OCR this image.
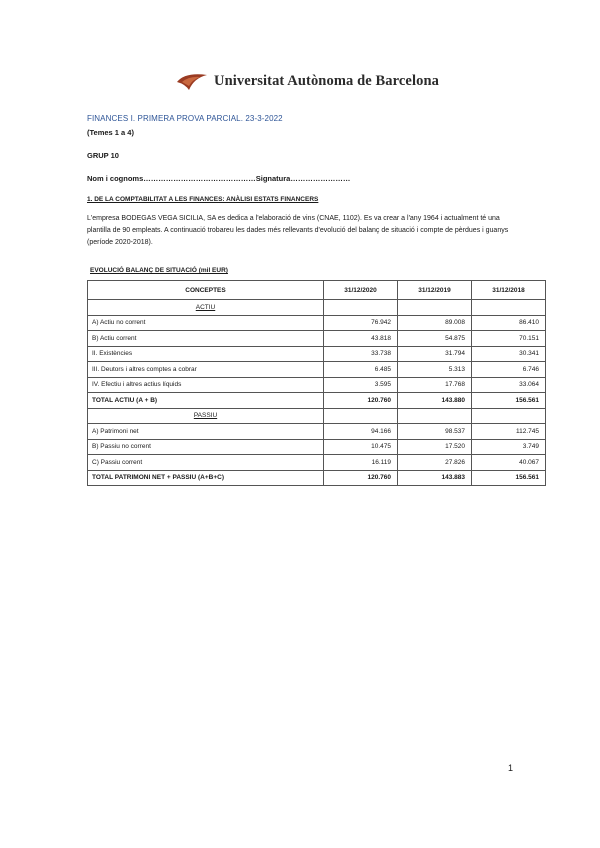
Universitat Autònoma de Barcelona
FINANCES I. PRIMERA PROVA PARCIAL. 23-3-2022
(Temes 1 a 4)
GRUP 10
Nom i cognoms………………………………………Signatura……………………
1. DE LA COMPTABILITAT A LES FINANCES: ANÀLISI ESTATS FINANCERS
L'empresa BODEGAS VEGA SICILIA, SA es dedica a l'elaboració de vins (CNAE, 1102). Es va crear a l'any 1964 i actualment té una plantilla de 90 empleats. A continuació trobareu les dades més rellevants d'evolució del balanç de situació i compte de pèrdues i guanys (període 2020-2018).
EVOLUCIÓ BALANÇ DE SITUACIÓ (mil EUR)
CONCEPTES	31/12/2020	31/12/2019	31/12/2018
ACTIU			
A) Actiu no corrent	76.942	89.008	86.410
B) Actiu corrent	43.818	54.875	70.151
II. Existències	33.738	31.794	30.341
III. Deutors i altres comptes a cobrar	6.485	5.313	6.746
IV. Efectiu i altres actius líquids	3.595	17.768	33.064
TOTAL ACTIU (A + B)	120.760	143.880	156.561
PASSIU			
A) Patrimoni net	94.166	98.537	112.745
B) Passiu no corrent	10.475	17.520	3.749
C) Passiu corrent	16.119	27.826	40.067
TOTAL PATRIMONI NET + PASSIU (A+B+C)	120.760	143.883	156.561
1
